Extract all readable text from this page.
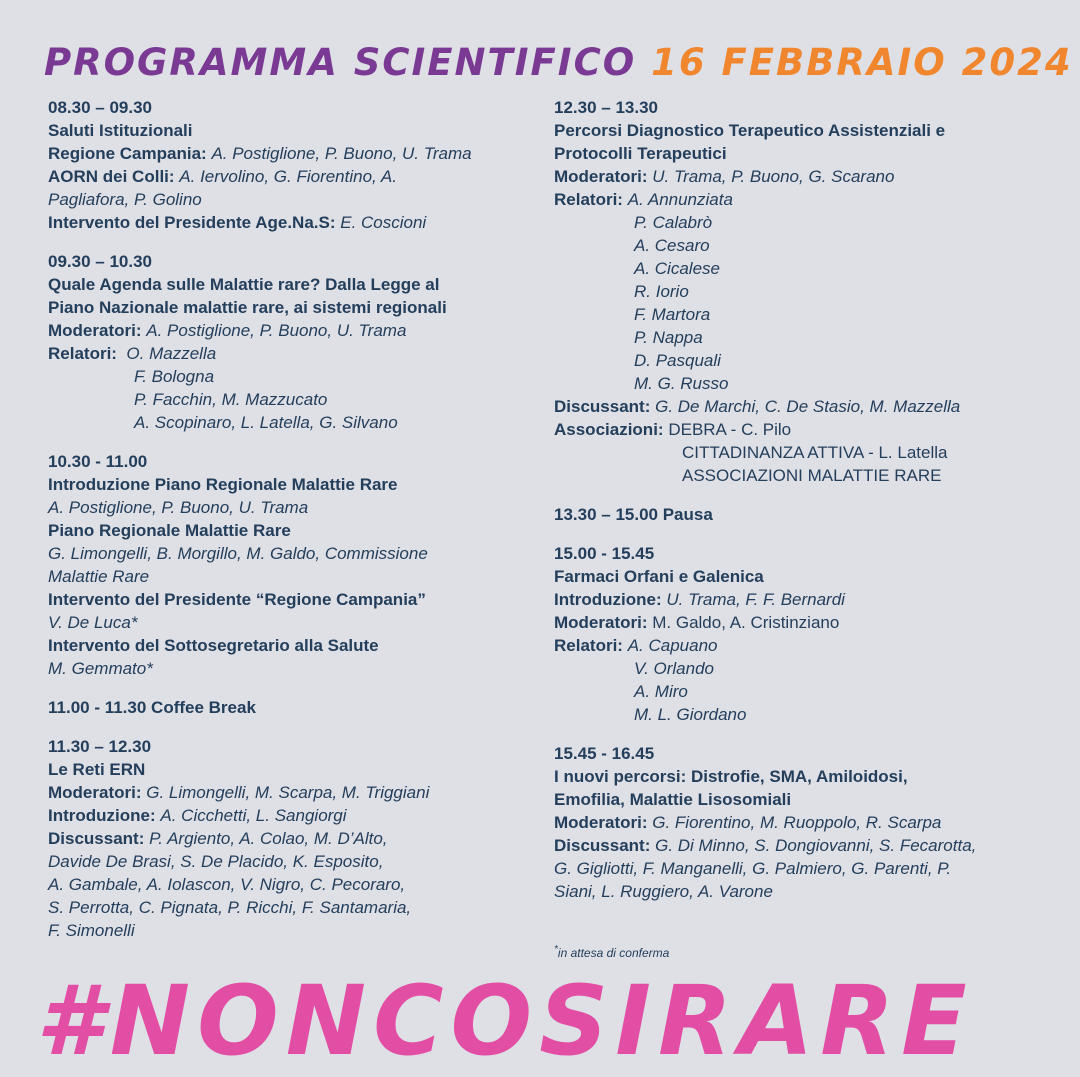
PROGRAMMA SCIENTIFICO 16 FEBBRAIO 2024
08.30 – 09.30
Saluti Istituzionali
Regione Campania: A. Postiglione, P. Buono, U. Trama
AORN dei Colli: A. Iervolino, G. Fiorentino, A.
Pagliafora, P. Golino
Intervento del Presidente Age.Na.S: E. Coscioni
09.30 – 10.30
Quale Agenda sulle Malattie rare? Dalla Legge al
Piano Nazionale malattie rare, ai sistemi regionali
Moderatori: A. Postiglione, P. Buono, U. Trama
Relatori: O. Mazzella
F. Bologna
P. Facchin, M. Mazzucato
A. Scopinaro, L. Latella, G. Silvano
10.30 - 11.00
Introduzione Piano Regionale Malattie Rare
A. Postiglione, P. Buono, U. Trama
Piano Regionale Malattie Rare
G. Limongelli, B. Morgillo, M. Galdo, Commissione
Malattie Rare
Intervento del Presidente “Regione Campania”
V. De Luca*
Intervento del Sottosegretario alla Salute
M. Gemmato*
11.00 - 11.30 Coffee Break
11.30 – 12.30
Le Reti ERN
Moderatori: G. Limongelli, M. Scarpa, M. Triggiani
Introduzione: A. Cicchetti, L. Sangiorgi
Discussant: P. Argiento, A. Colao, M. D’Alto,
Davide De Brasi, S. De Placido, K. Esposito,
A. Gambale, A. Iolascon, V. Nigro, C. Pecoraro,
S. Perrotta, C. Pignata, P. Ricchi, F. Santamaria,
F. Simonelli
12.30 – 13.30
Percorsi Diagnostico Terapeutico Assistenziali e
Protocolli Terapeutici
Moderatori: U. Trama, P. Buono, G. Scarano
Relatori: A. Annunziata
P. Calabrò
A. Cesaro
A. Cicalese
R. Iorio
F. Martora
P. Nappa
D. Pasquali
M. G. Russo
Discussant: G. De Marchi, C. De Stasio, M. Mazzella
Associazioni: DEBRA - C. Pilo
CITTADINANZA ATTIVA - L. Latella
ASSOCIAZIONI MALATTIE RARE
13.30 – 15.00 Pausa
15.00 - 15.45
Farmaci Orfani e Galenica
Introduzione: U. Trama, F. F. Bernardi
Moderatori: M. Galdo, A. Cristinziano
Relatori: A. Capuano
V. Orlando
A. Miro
M. L. Giordano
15.45 - 16.45
I nuovi percorsi: Distrofie, SMA, Amiloidosi,
Emofilia, Malattie Lisosomiali
Moderatori: G. Fiorentino, M. Ruoppolo, R. Scarpa
Discussant: G. Di Minno, S. Dongiovanni, S. Fecarotta,
G. Gigliotti, F. Manganelli, G. Palmiero, G. Parenti, P.
Siani, L. Ruggiero, A. Varone
*in attesa di conferma
#NONCOSIRARE
